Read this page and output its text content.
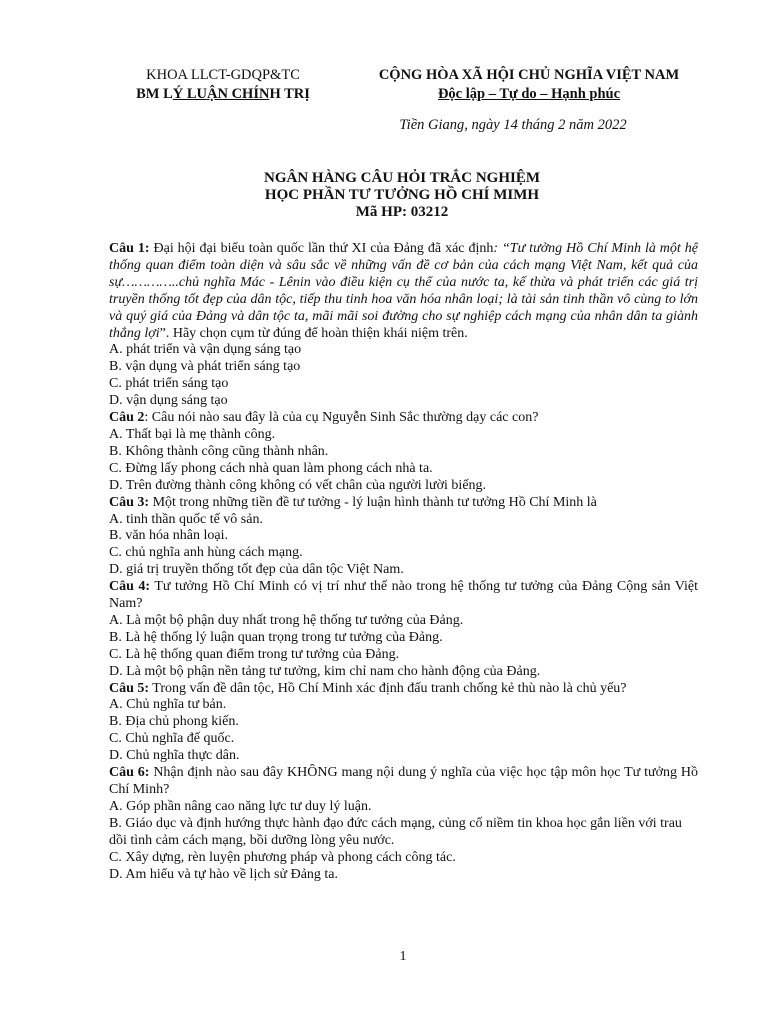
KHOA LLCT-GDQP&TC
BM LÝ LUẬN CHÍNH TRỊ
CỘNG HÒA XÃ HỘI CHỦ NGHĨA VIỆT NAM
Độc lập – Tự do – Hạnh phúc
Tiền Giang, ngày 14 tháng 2 năm 2022
NGÂN HÀNG CÂU HỎI TRẮC NGHIỆM
HỌC PHẦN TƯ TƯỞNG HỒ CHÍ MIMH
Mã HP: 03212

Câu 1: Đại hội đại biểu toàn quốc lần thứ XI của Đảng đã xác định: “Tư tưởng Hồ Chí Minh là một hệ thống quan điểm toàn diện và sâu sắc về những vấn đề cơ bản của cách mạng Việt Nam, kết quả của sự…………..chủ nghĩa Mác - Lênin vào điều kiện cụ thể của nước ta, kế thừa và phát triển các giá trị truyền thống tốt đẹp của dân tộc, tiếp thu tinh hoa văn hóa nhân loại; là tài sản tinh thần vô cùng to lớn và quý giá của Đảng và dân tộc ta, mãi mãi soi đường cho sự nghiệp cách mạng của nhân dân ta giành thắng lợi”. Hãy chọn cụm từ đúng để hoàn thiện khái niệm trên.

A. phát triển và vận dụng sáng tạo

B. vận dụng và phát triển sáng tạo

C. phát triển sáng tạo

D. vận dụng sáng tạo

Câu 2: Câu nói nào sau đây là của cụ Nguyễn Sinh Sắc thường dạy các con?

A. Thất bại là mẹ thành công.

B. Không thành công cũng thành nhân.

C. Đừng lấy phong cách nhà quan làm phong cách nhà ta.

D. Trên đường thành công không có vết chân của người lười biếng.

Câu 3: Một trong những tiền đề tư tưởng - lý luận hình thành tư tưởng Hồ Chí Minh là

A. tinh thần quốc tế vô sản.

B. văn hóa nhân loại.

C. chủ nghĩa anh hùng cách mạng.

D. giá trị truyền thống tốt đẹp của dân tộc Việt Nam.

Câu 4: Tư tưởng Hồ Chí Minh có vị trí như thế nào trong hệ thống tư tưởng của Đảng Cộng sản Việt Nam?

A. Là một bộ phận duy nhất trong hệ thống tư tưởng của Đảng.

B. Là hệ thống lý luận quan trọng trong tư tưởng của Đảng.

C. Là hệ thống quan điểm trong tư tưởng của Đảng.

D. Là một bộ phận nền tảng tư tưởng, kim chỉ nam cho hành động của Đảng.

Câu 5: Trong vấn đề dân tộc, Hồ Chí Minh xác định đấu tranh chống kẻ thù nào là chủ yếu?

A. Chủ nghĩa tư bản.

B. Địa chủ phong kiến.

C. Chủ nghĩa đế quốc.

D. Chủ nghĩa thực dân.

Câu 6: Nhận định nào sau đây KHÔNG mang nội dung ý nghĩa của việc học tập môn học Tư tưởng Hồ Chí Minh?

A. Góp phần nâng cao năng lực tư duy lý luận.

B. Giáo dục và định hướng thực hành đạo đức cách mạng, củng cố niềm tin khoa học gắn liền với trau dồi tình cảm cách mạng, bồi dưỡng lòng yêu nước.

C. Xây dựng, rèn luyện phương pháp và phong cách công tác.

D. Am hiểu và tự hào về lịch sử Đảng ta.

1
